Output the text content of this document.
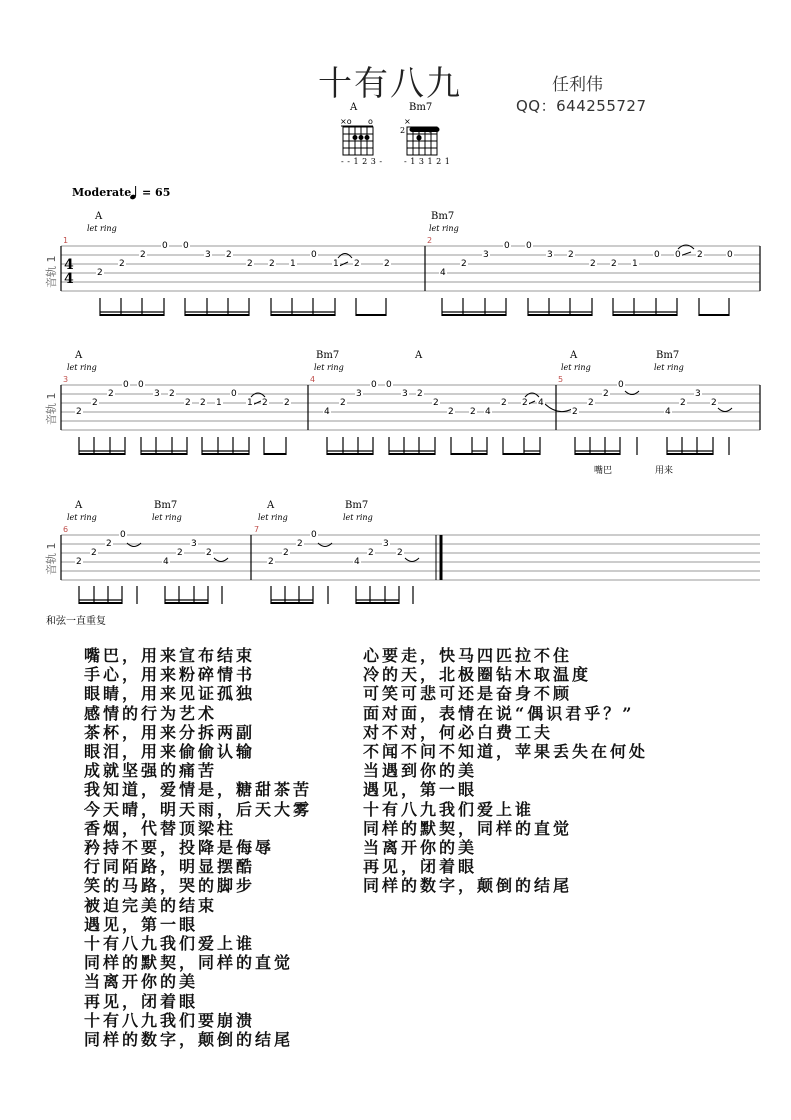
十有八九	任利伟
QQ：644255727
A	Bm7
- - 1 2 3 -	- 1 3 1 2 1
2
×o o	×
4
4
Moderate = 65
音轨 1
音轨 1
音轨 1
1	2
A
let ring
Bm7
let ring
2
2
2
0 0
3 2
2 2 1
0
1 2	2
4
2
3
0 0
3 2
2 2 1
0 0 2	0
3	4	5
A
let ring
Bm7
let ring
A	A
let ring
Bm7
let ring
2
2
2
0 0
3 2
2 2 1
0
1 2 2
4
2
3
0 0
3 2
2
2 2 4
2 2 4
2
2
2
0
4
2
3
2
嘴巴	用来
6	7
A
let ring
Bm7
let ring
A
let ring
Bm7
let ring
2
2
2
0
4
2
3
2
2
2
2
0
4
2
3
2
和弦一直重复
嘴巴，用来宣布结束
手心，用来粉碎情书
眼睛，用来见证孤独
感情的行为艺术
茶杯，用来分拆两副
眼泪，用来偷偷认输
成就坚强的痛苦
我知道，爱情是，糖甜茶苦
今天晴，明天雨，后天大雾
香烟，代替顶梁柱
矜持不要，投降是侮辱
行同陌路，明显摆酷
笑的马路，哭的脚步
被迫完美的结束
遇见，第一眼
十有八九我们爱上谁
同样的默契，同样的直觉
当离开你的美
再见，闭着眼
十有八九我们要崩溃
同样的数字，颠倒的结尾
心要走，快马四匹拉不住
冷的天，北极圈钻木取温度
可笑可悲可还是奋身不顾
面对面，表情在说“偶识君乎？”
对不对，何必白费工夫
不闻不问不知道，苹果丢失在何处
当遇到你的美
遇见，第一眼
十有八九我们爱上谁
同样的默契，同样的直觉
当离开你的美
再见，闭着眼
同样的数字，颠倒的结尾
